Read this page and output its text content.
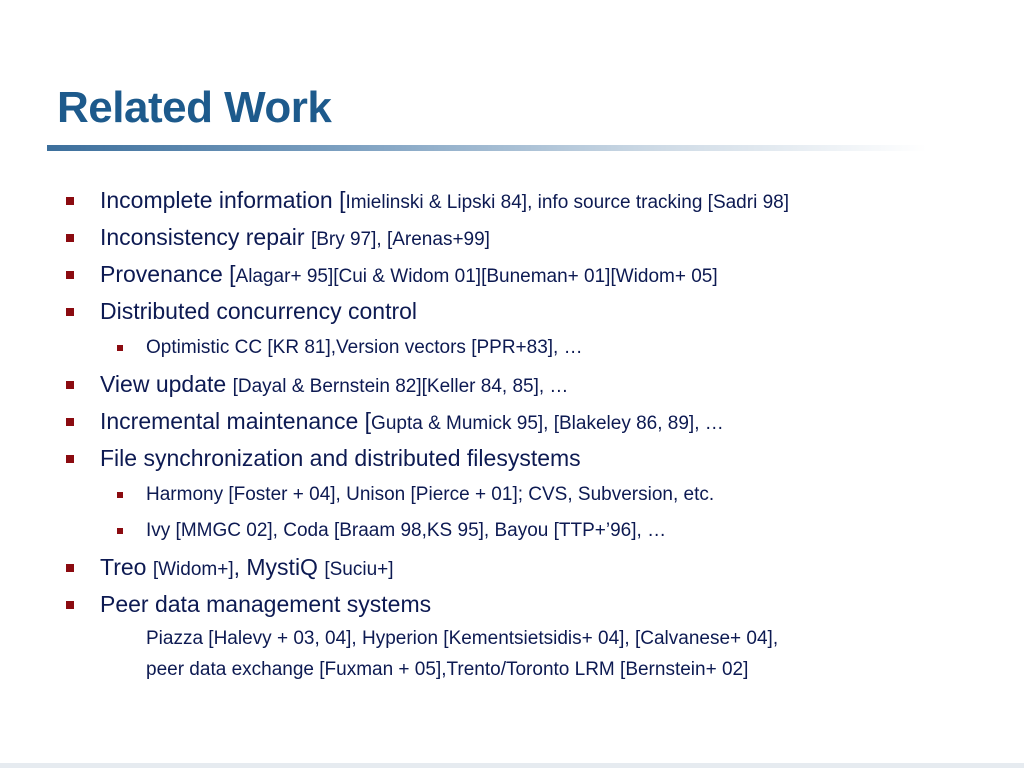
Related Work
Incomplete information [Imielinski & Lipski 84], info source tracking [Sadri 98]
Inconsistency repair [Bry 97], [Arenas+99]
Provenance [Alagar+ 95][Cui & Widom 01][Buneman+ 01][Widom+ 05]
Distributed concurrency control
Optimistic CC [KR 81],Version vectors [PPR+83], …
View update [Dayal & Bernstein 82][Keller 84, 85], …
Incremental maintenance [Gupta & Mumick 95], [Blakeley 86, 89], …
File synchronization and distributed filesystems
Harmony [Foster + 04], Unison [Pierce + 01]; CVS, Subversion, etc.
Ivy [MMGC 02], Coda [Braam 98,KS 95], Bayou [TTP+’96], …
Treo [Widom+], MystiQ [Suciu+]
Peer data management systems
Piazza [Halevy + 03, 04], Hyperion [Kementsietsidis+ 04], [Calvanese+ 04],
peer data exchange [Fuxman + 05],Trento/Toronto LRM [Bernstein+ 02]
